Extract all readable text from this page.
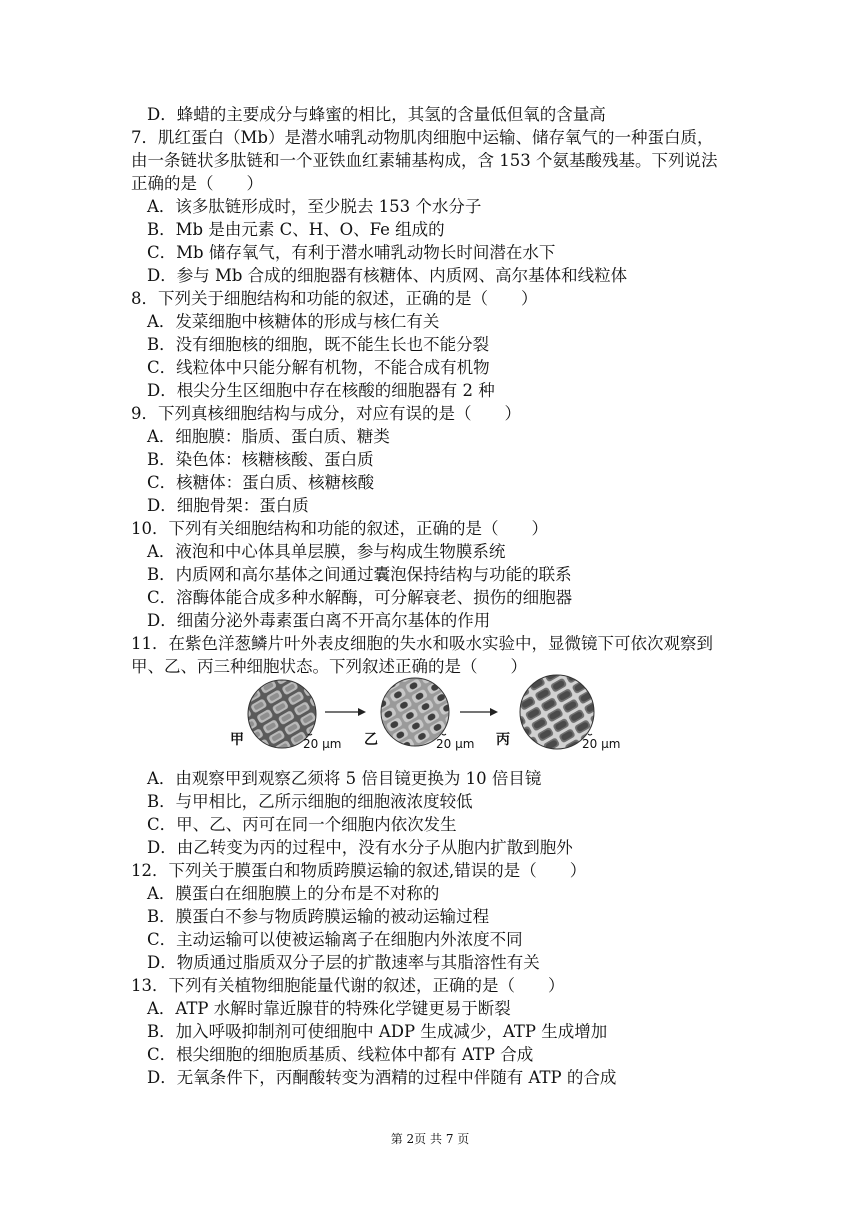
D．蜂蜡的主要成分与蜂蜜的相比，其氢的含量低但氧的含量高
7．肌红蛋白（Mb）是潜水哺乳动物肌肉细胞中运输、储存氧气的一种蛋白质，
由一条链状多肽链和一个亚铁血红素辅基构成，含 153 个氨基酸残基。下列说法
正确的是（　　）
A．该多肽链形成时，至少脱去 153 个水分子
B．Mb 是由元素 C、H、O、Fe 组成的
C．Mb 储存氧气，有利于潜水哺乳动物长时间潜在水下
D．参与 Mb 合成的细胞器有核糖体、内质网、高尔基体和线粒体
8．下列关于细胞结构和功能的叙述，正确的是（　　）
A．发菜细胞中核糖体的形成与核仁有关
B．没有细胞核的细胞，既不能生长也不能分裂
C．线粒体中只能分解有机物，不能合成有机物
D．根尖分生区细胞中存在核酸的细胞器有 2 种
9．下列真核细胞结构与成分，对应有误的是（　　）
A．细胞膜：脂质、蛋白质、糖类
B．染色体：核糖核酸、蛋白质
C．核糖体：蛋白质、核糖核酸
D．细胞骨架：蛋白质
10．下列有关细胞结构和功能的叙述，正确的是（　　）
A．液泡和中心体具单层膜，参与构成生物膜系统
B．内质网和高尔基体之间通过囊泡保持结构与功能的联系
C．溶酶体能合成多种水解酶，可分解衰老、损伤的细胞器
D．细菌分泌外毒素蛋白离不开高尔基体的作用
11．在紫色洋葱鳞片叶外表皮细胞的失水和吸水实验中，显微镜下可依次观察到
甲、乙、丙三种细胞状态。下列叙述正确的是（　　）
甲	20 μm 乙	20 μm 丙	20 μm
A．由观察甲到观察乙须将 5 倍目镜更换为 10 倍目镜
B．与甲相比，乙所示细胞的细胞液浓度较低
C．甲、乙、丙可在同一个细胞内依次发生
D．由乙转变为丙的过程中，没有水分子从胞内扩散到胞外
12．下列关于膜蛋白和物质跨膜运输的叙述,错误的是（　　）
A．膜蛋白在细胞膜上的分布是不对称的
B．膜蛋白不参与物质跨膜运输的被动运输过程
C．主动运输可以使被运输离子在细胞内外浓度不同
D．物质通过脂质双分子层的扩散速率与其脂溶性有关
13．下列有关植物细胞能量代谢的叙述，正确的是（　　）
A．ATP 水解时靠近腺苷的特殊化学键更易于断裂
B．加入呼吸抑制剂可使细胞中 ADP 生成减少，ATP 生成增加
C．根尖细胞的细胞质基质、线粒体中都有 ATP 合成
D．无氧条件下，丙酮酸转变为酒精的过程中伴随有 ATP 的合成
第 2页 共 7 页
